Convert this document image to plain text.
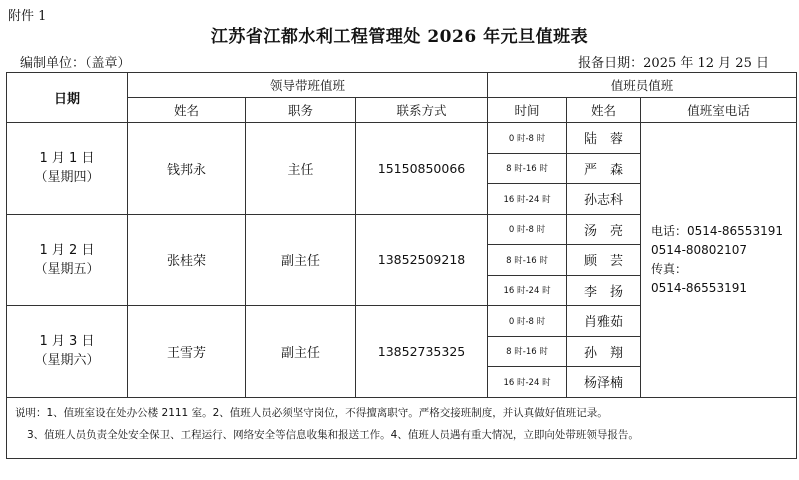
附件 1
江苏省江都水利工程管理处 2026 年元旦值班表
编制单位：（盖章）	报备日期：2025 年 12 月 25 日
日期	领导带班值班			值班员值班		
	姓名	职务	联系方式	时间	姓名	值班室电话
1 月 1 日
（星期四）	钱邦永	主任	15150850066	0 时-8 时	陆　蓉	电话：0514-86553191
0514-80802107
传真：
0514-86553191

				8 时-16 时	严　森	
				16 时-24 时	孙志科	
1 月 2 日
（星期五）	张桂荣	副主任	13852509218	0 时-8 时	汤　亮	
				8 时-16 时	顾　芸	
				16 时-24 时	李　扬	
1 月 3 日
（星期六）	王雪芳	副主任	13852735325	0 时-8 时	肖雅茹	
				8 时-16 时	孙　翔	
				16 时-24 时	杨泽楠	

说明：1、值班室设在处办公楼 2111 室。2、值班人员必须坚守岗位，不得擅离职守。严格交接班制度，并认真做好值班记录。
3、值班人员负责全处安全保卫、工程运行、网络安全等信息收集和报送工作。4、值班人员遇有重大情况，立即向处带班领导报告。						
